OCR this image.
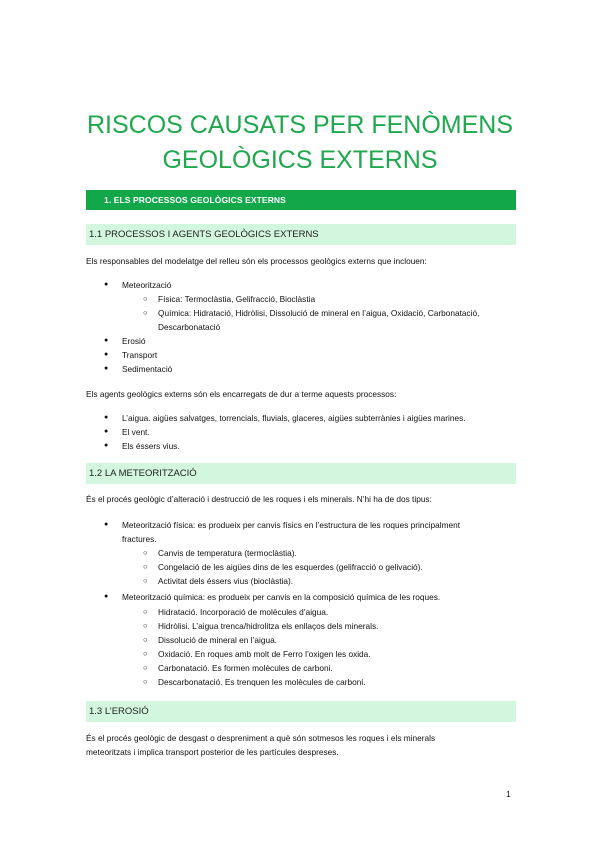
RISCOS CAUSATS PER FENÒMENS
GEOLÒGICS EXTERNS
1. ELS PROCESSOS GEOLÒGICS EXTERNS
1.1 PROCESSOS I AGENTS GEOLÒGICS EXTERNS
Els responsables del modelatge del relleu són els processos geològics externs que inclouen:
● Meteorització
○ Física: Termoclàstia, Gelifracció, Bioclàstia
○ Química: Hidratació, Hidròlisi, Dissolució de mineral en l’aigua, Oxidació, Carbonatació,
Descarbonatació
● Erosió
● Transport
● Sedimentació
Els agents geològics externs són els encarregats de dur a terme aquests processos:
● L’aigua. aigües salvatges, torrencials, fluvials, glaceres, aigües subterrànies i aigües marines.
● El vent.
● Els éssers vius.
1.2 LA METEORITZACIÓ
És el procés geològic d’alteració i destrucció de les roques i els minerals. N’hi ha de dos tipus:
● Meteorització física: es produeix per canvis físics en l’estructura de les roques principalment
fractures.
○ Canvis de temperatura (termoclàstia).
○ Congelació de les aigües dins de les esquerdes (gelifracció o gelivació).
○ Activitat dels éssers vius (bioclàstia).
● Meteorització química: es produeix per canvis en la composició química de les roques.
○ Hidratació. Incorporació de molècules d’aigua.
○ Hidròlisi. L’aigua trenca/hidrolitza els enllaços dels minerals.
○ Dissolució de mineral en l’aigua.
○ Oxidació. En roques amb molt de Ferro l’oxigen les oxida.
○ Carbonatació. Es formen molècules de carboni.
○ Descarbonatació. Es trenquen les molècules de carboni.
1.3 L’EROSIÓ
És el procés geològic de desgast o despreniment a què són sotmesos les roques i els minerals
meteoritzats i implica transport posterior de les partícules despreses.
1
